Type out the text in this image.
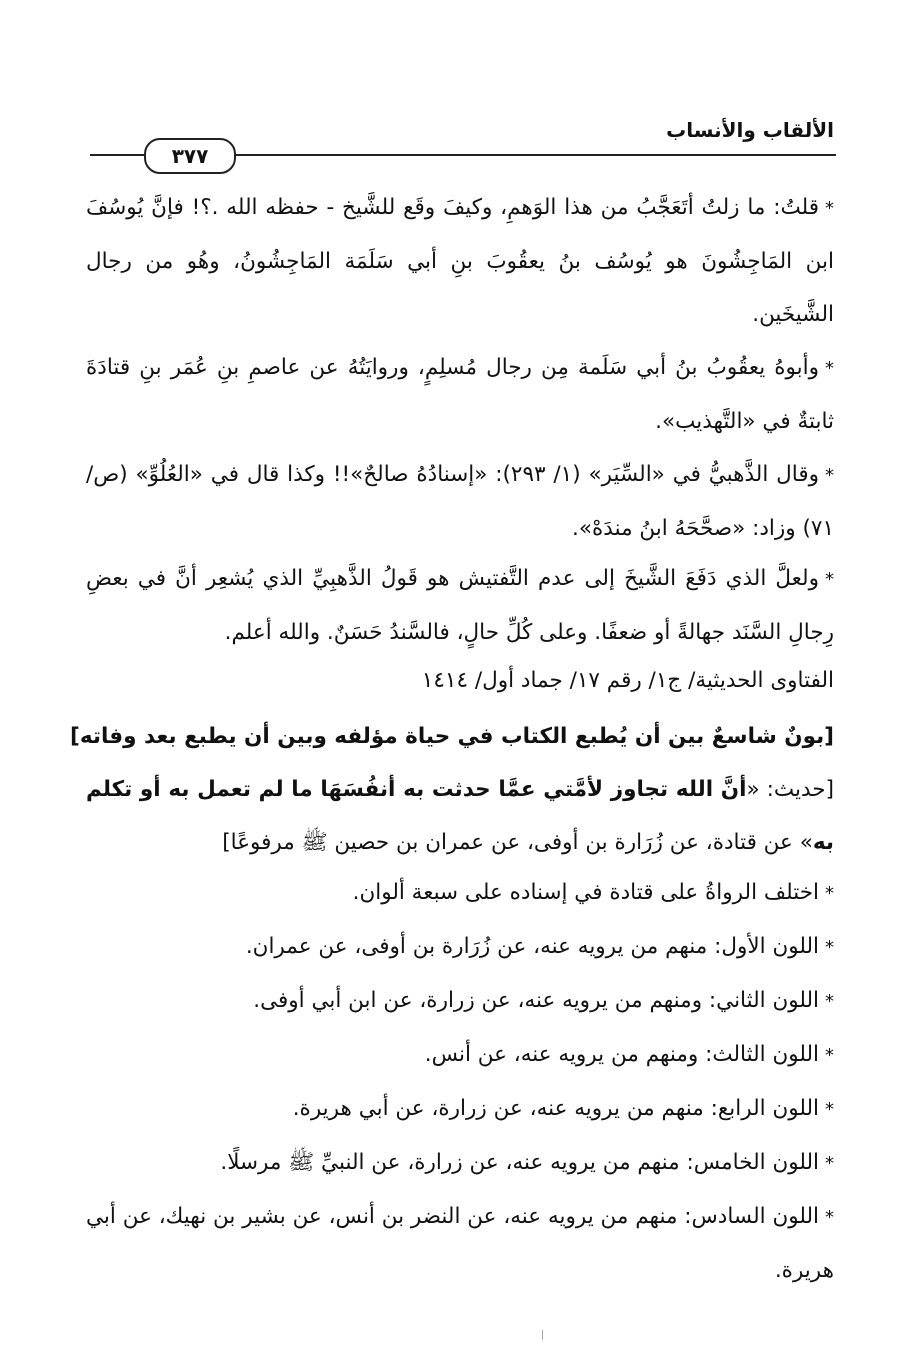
الألقاب والأنساب
٣٧٧

*قلتُ: ما زلتُ أتَعَجَّبُ من هذا الوَهمِ، وكيفَ وقَع للشَّيخ - حفظه الله .؟! فإنَّ يُوسُفَ ابن المَاجِشُونَ هو يُوسُف بنُ يعقُوبَ بنِ أبي سَلَمَة المَاجِشُونُ، وهُو من رجال الشَّيخَين.

*وأبوهُ يعقُوبُ بنُ أبي سَلَمة مِن رجال مُسلِمٍ، وروايَتُهُ عن عاصمِ بنِ عُمَر بنِ قتادَةَ ثابتةٌ في «التَّهذيب».

*وقال الذَّهبيُّ في «السِّيَر» (١/ ٢٩٣): «إسنادُهُ صالحٌ»!! وكذا قال في «العُلُوِّ» (ص/ ٧١) وزاد: «صحَّحَهُ ابنُ مندَهْ».

*ولعلَّ الذي دَفَعَ الشَّيخَ إلى عدم التَّفتيش هو قَولُ الذَّهبِيِّ الذي يُشعِر أنَّ في بعضِ رِجالِ السَّنَد جهالةً أو ضعفًا. وعلى كُلِّ حالٍ، فالسَّندُ حَسَنٌ. والله أعلم.

الفتاوى الحديثية/ ج١/ رقم ١٧/ جماد أول/ ١٤١٤

[بونٌ شاسعٌ بين أن يُطبع الكتاب في حياة مؤلفه وبين أن يطبع بعد وفاته]

[حديث: «أنَّ الله تجاوز لأمَّتي عمَّا حدثت به أنفُسَهَا ما لم تعمل به أو تكلم به» عن قتادة، عن زُرَارة بن أوفى، عن عمران بن حصين ﷺ مرفوعًا]

*اختلف الرواةُ على قتادة في إسناده على سبعة ألوان.

*اللون الأول: منهم من يرويه عنه، عن زُرَارة بن أوفى، عن عمران.

*اللون الثاني: ومنهم من يرويه عنه، عن زرارة، عن ابن أبي أوفى.

*اللون الثالث: ومنهم من يرويه عنه، عن أنس.

*اللون الرابع: منهم من يرويه عنه، عن زرارة، عن أبي هريرة.

*اللون الخامس: منهم من يرويه عنه، عن زرارة، عن النبيِّ ﷺ مرسلًا.

*اللون السادس: منهم من يرويه عنه، عن النضر بن أنس، عن بشير بن نهيك، عن أبي هريرة.
